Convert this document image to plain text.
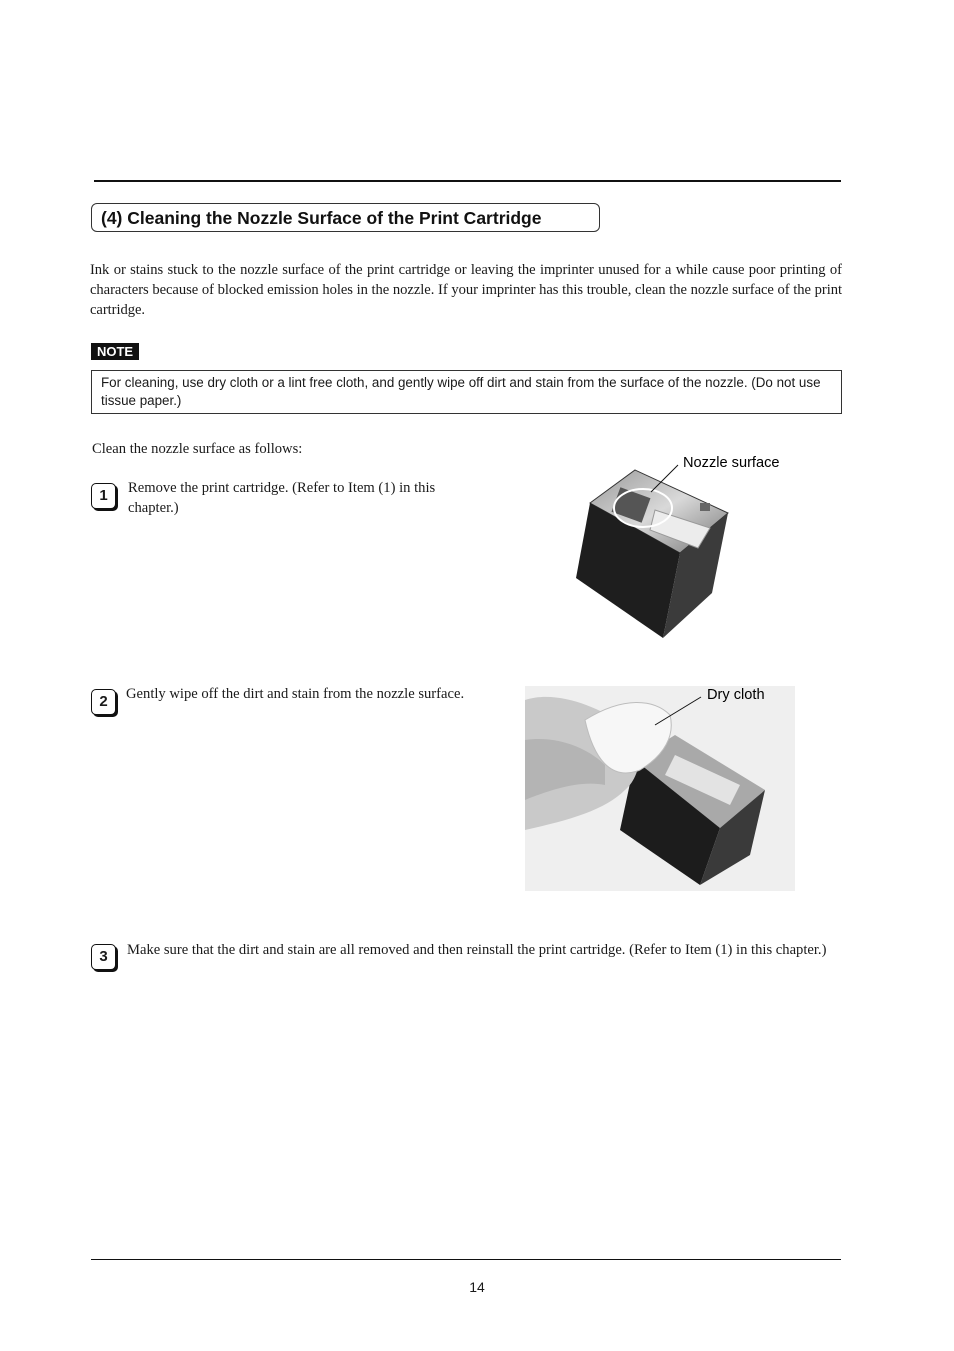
(4) Cleaning the Nozzle Surface of the Print Cartridge

Ink or stains stuck to the nozzle surface of the print cartridge or leaving the imprinter unused for a while cause poor printing of characters because of blocked emission holes in the nozzle. If your imprinter has this trouble, clean the nozzle surface of the print cartridge.

NOTE
For cleaning, use dry cloth or a lint free cloth, and gently wipe off dirt and stain from the surface of the nozzle. (Do not use tissue paper.)
Clean the nozzle surface as follows:
1	Remove the print cartridge. (Refer to Item (1) in this chapter.)
Nozzle surface
2	Gently wipe off the dirt and stain from the nozzle surface.	Dry cloth
3	Make sure that the dirt and stain are all removed and then reinstall the print cartridge. (Refer to Item (1) in this chapter.)
14
